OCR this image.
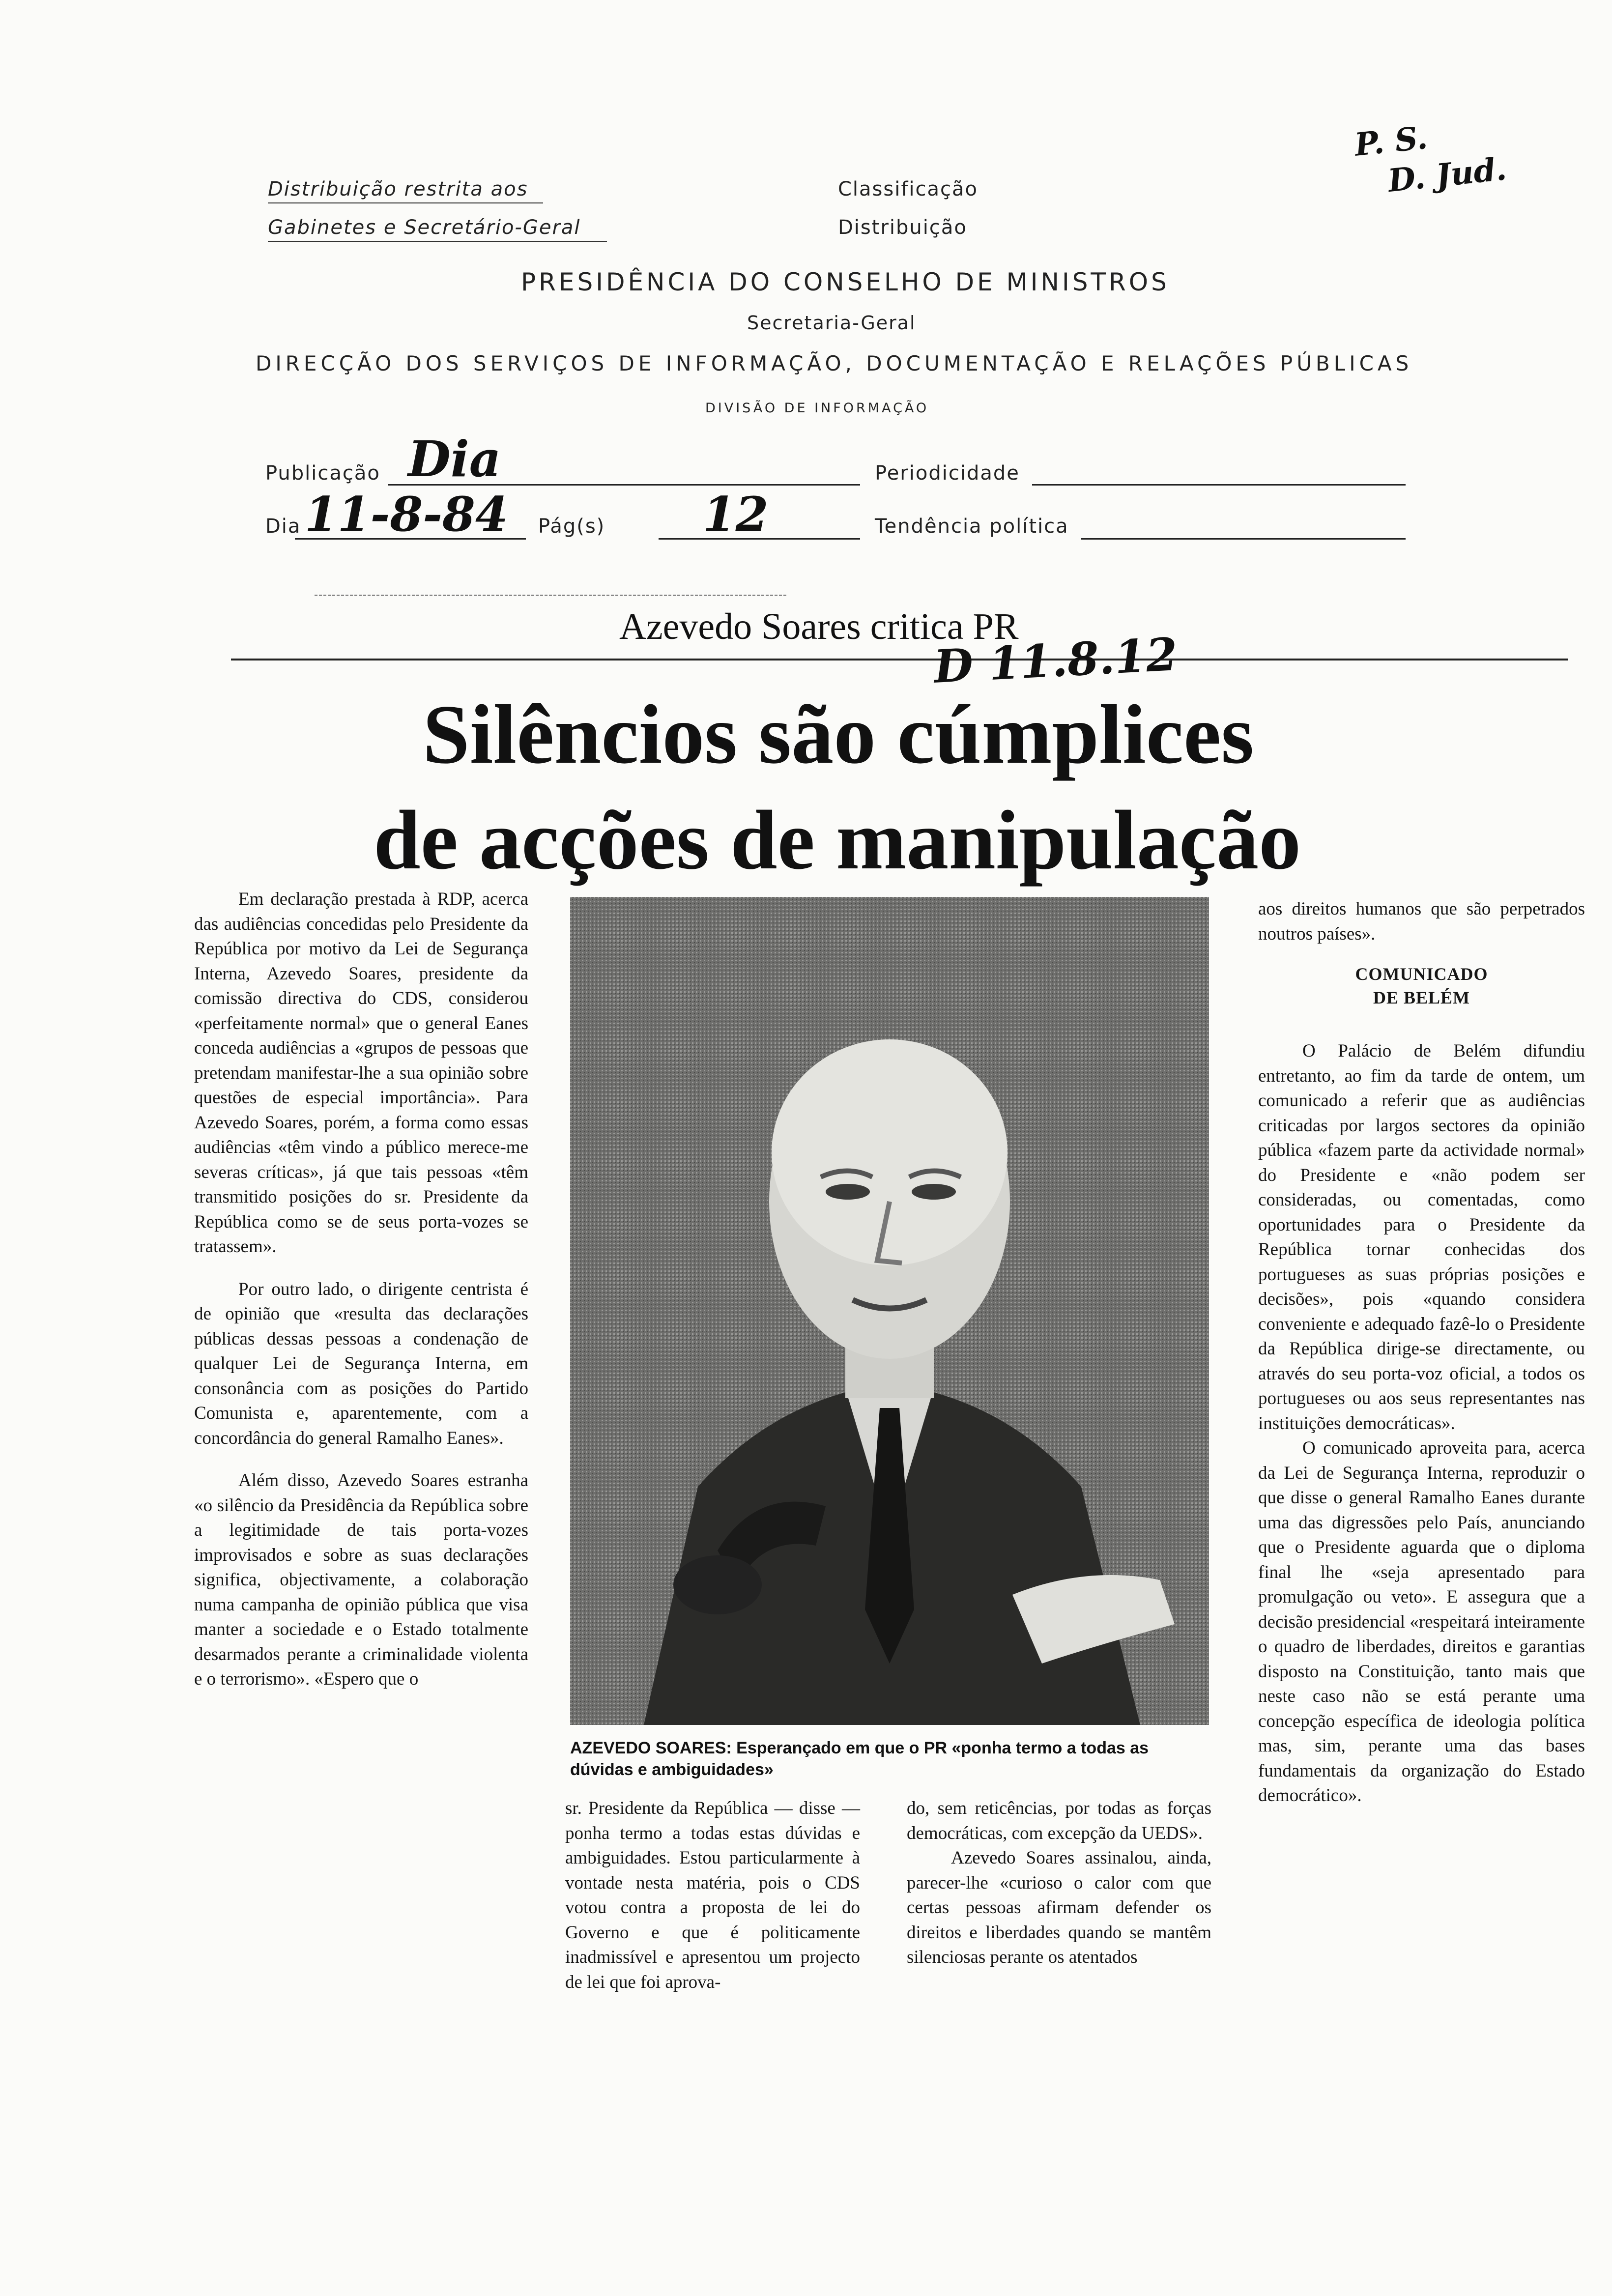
P. S.
D. Jud.
Distribuição restrita aos
Gabinetes e Secretário-Geral
Classificação
Distribuição
PRESIDÊNCIA DO CONSELHO DE MINISTROS
Secretaria-Geral
DIRECÇÃO DOS SERVIÇOS DE INFORMAÇÃO, DOCUMENTAÇÃO E RELAÇÕES PÚBLICAS
DIVISÃO DE INFORMAÇÃO
Publicação Dia	Periodicidade
Dia 11-8-84 Pág(s) 12	Tendência política
Azevedo Soares critica PR
D 11.8.12
Silêncios são cúmplices
de acções de manipulação

Em declaração prestada à RDP, acerca das audiências concedidas pelo Presidente da República por motivo da Lei de Segurança Interna, Azevedo Soares, presidente da comissão directiva do CDS, considerou «perfeitamente normal» que o general Eanes conceda audiências a «grupos de pessoas que pretendam manifestar-lhe a sua opinião sobre questões de especial importância». Para Azevedo Soares, porém, a forma como essas audiências «têm vindo a público merece-me severas críticas», já que tais pessoas «têm transmitido posições do sr. Presidente da República como se de seus porta-vozes se tratassem».

Por outro lado, o dirigente centrista é de opinião que «resulta das declarações públicas dessas pessoas a condenação de qualquer Lei de Segurança Interna, em consonância com as posições do Partido Comunista e, aparentemente, com a concordância do general Ramalho Eanes».

Além disso, Azevedo Soares estranha «o silêncio da Presidência da República sobre a legitimidade de tais porta-vozes improvisados e sobre as suas declarações significa, objectivamente, a colaboração numa campanha de opinião pública que visa manter a sociedade e o Estado totalmente desarmados perante a criminalidade violenta e o terrorismo». «Espero que o

AZEVEDO SOARES: Esperançado em que o PR «ponha termo a todas as dúvidas e ambiguidades»

sr. Presidente da República — disse — ponha termo a todas estas dúvidas e ambiguidades. Estou particularmente à vontade nesta matéria, pois o CDS votou contra a proposta de lei do Governo e que é politicamente inadmissível e apresentou um projecto de lei que foi aprova-

do, sem reticências, por todas as forças democráticas, com excepção da UEDS».

Azevedo Soares assinalou, ainda, parecer-lhe «curioso o calor com que certas pessoas afirmam defender os direitos e liberdades quando se mantêm silenciosas perante os atentados

aos direitos humanos que são perpetrados noutros países».

COMUNICADO
DE BELÉM

O Palácio de Belém difundiu entretanto, ao fim da tarde de ontem, um comunicado a referir que as audiências criticadas por largos sectores da opinião pública «fazem parte da actividade normal» do Presidente e «não podem ser consideradas, ou comentadas, como oportunidades para o Presidente da República tornar conhecidas dos portugueses as suas próprias posições e decisões», pois «quando considera conveniente e adequado fazê-lo o Presidente da República dirige-se directamente, ou através do seu porta-voz oficial, a todos os portugueses ou aos seus representantes nas instituições democráticas».

O comunicado aproveita para, acerca da Lei de Segurança Interna, reproduzir o que disse o general Ramalho Eanes durante uma das digressões pelo País, anunciando que o Presidente aguarda que o diploma final lhe «seja apresentado para promulgação ou veto». E assegura que a decisão presidencial «respeitará inteiramente o quadro de liberdades, direitos e garantias disposto na Constituição, tanto mais que neste caso não se está perante uma concepção específica de ideologia política mas, sim, perante uma das bases fundamentais da organização do Estado democrático».
